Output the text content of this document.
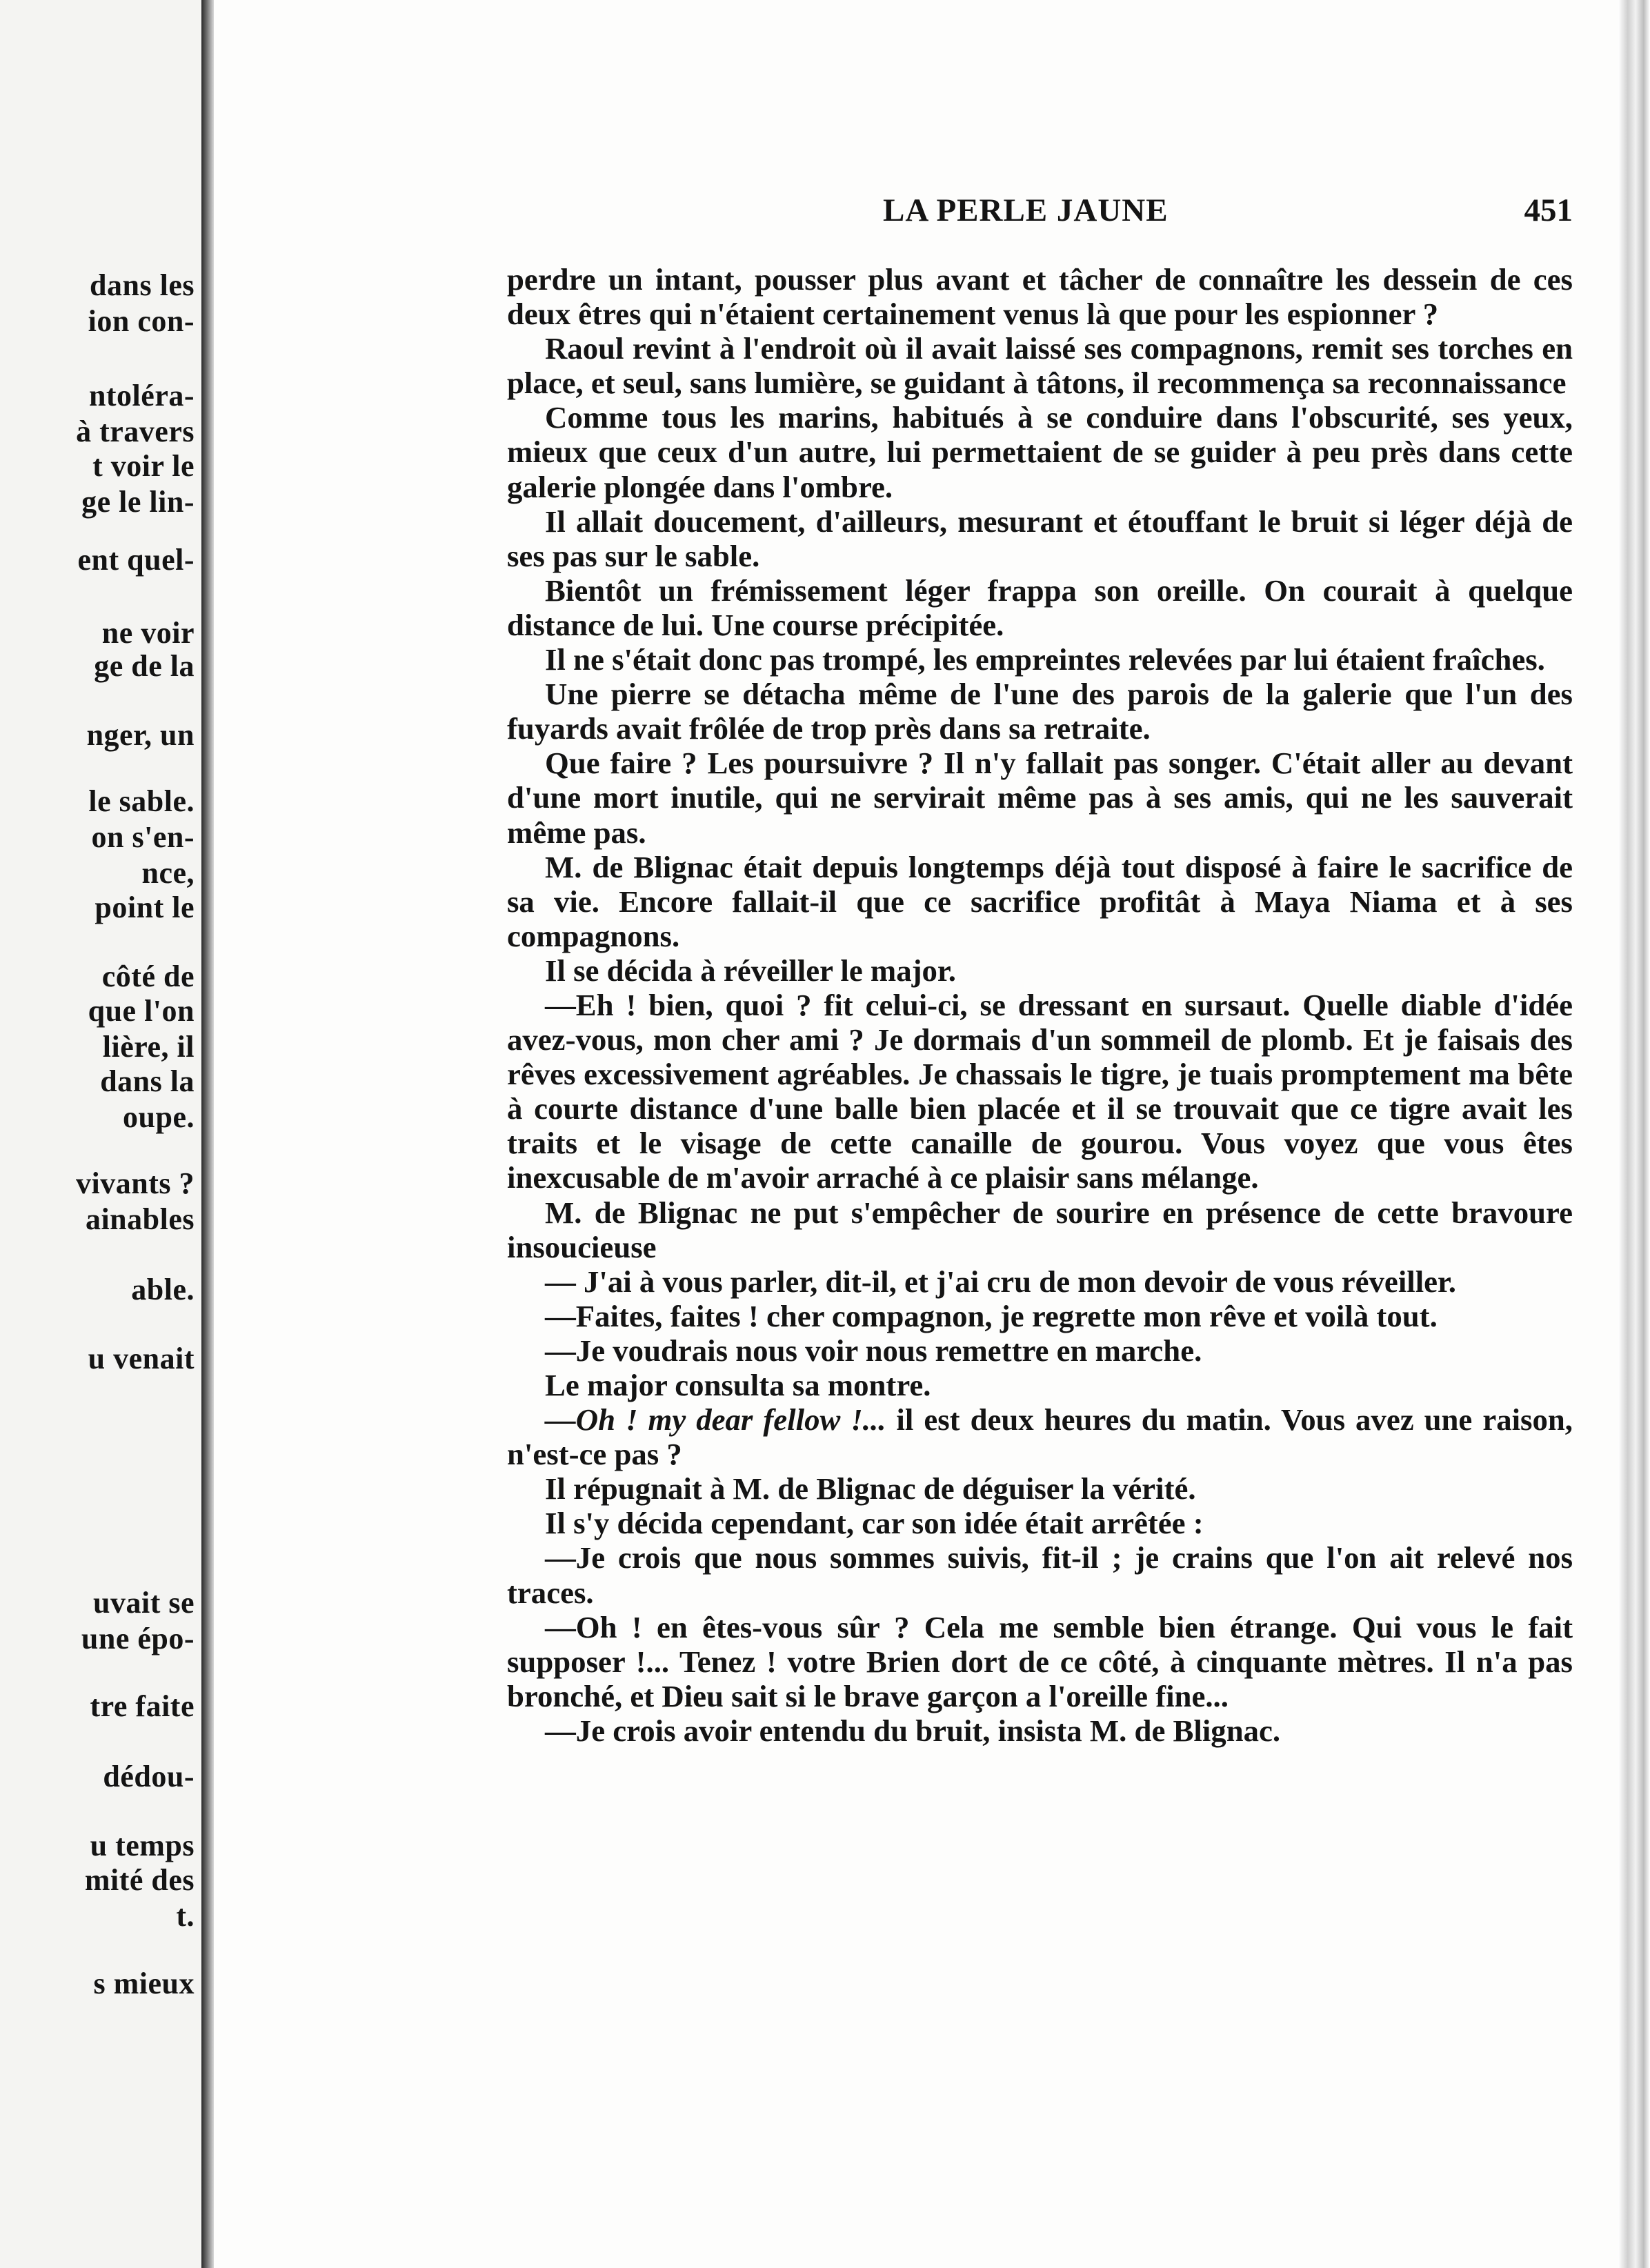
dans les
ion con-
ntoléra-
à travers
t voir le
ge le lin-
ent quel-
ne voir
ge de la
nger, un
le sable.
on s'en-
nce,
point le
côté de
que l'on
lière, il
dans la
oupe.
vivants ?
ainables
able.
u venait
uvait se
une épo-
tre faite
dédou-
u temps
mité des
t.
s mieux
LA PERLE JAUNE	451

perdre un intant, pousser plus avant et tâcher de connaître les dessein de ces deux êtres qui n'étaient certainement venus là que pour les espionner ?

Raoul revint à l'endroit où il avait laissé ses compagnons, remit ses torches en place, et seul, sans lumière, se guidant à tâtons, il recommença sa reconnaissance

Comme tous les marins, habitués à se conduire dans l'obscurité, ses yeux, mieux que ceux d'un autre, lui permettaient de se guider à peu près dans cette galerie plongée dans l'ombre.

Il allait doucement, d'ailleurs, mesurant et étouffant le bruit si léger déjà de ses pas sur le sable.

Bientôt un frémissement léger frappa son oreille. On courait à quelque distance de lui. Une course précipitée.

Il ne s'était donc pas trompé, les empreintes relevées par lui étaient fraîches.

Une pierre se détacha même de l'une des parois de la galerie que l'un des fuyards avait frôlée de trop près dans sa retraite.

Que faire ? Les poursuivre ? Il n'y fallait pas songer. C'était aller au devant d'une mort inutile, qui ne servirait même pas à ses amis, qui ne les sauverait même pas.

M. de Blignac était depuis longtemps déjà tout disposé à faire le sacrifice de sa vie. Encore fallait-il que ce sacrifice profitât à Maya Niama et à ses compagnons.

Il se décida à réveiller le major.

—Eh ! bien, quoi ? fit celui-ci, se dressant en sursaut. Quelle diable d'idée avez-vous, mon cher ami ? Je dormais d'un sommeil de plomb. Et je faisais des rêves excessivement agréables. Je chassais le tigre, je tuais promptement ma bête à courte distance d'une balle bien placée et il se trouvait que ce tigre avait les traits et le visage de cette canaille de gourou. Vous voyez que vous êtes inexcusable de m'avoir arraché à ce plaisir sans mélange.

M. de Blignac ne put s'empêcher de sourire en présence de cette bravoure insoucieuse

— J'ai à vous parler, dit-il, et j'ai cru de mon devoir de vous réveiller.

—Faites, faites ! cher compagnon, je regrette mon rêve et voilà tout.

—Je voudrais nous voir nous remettre en marche.

Le major consulta sa montre.

—Oh ! my dear fellow !... il est deux heures du matin. Vous avez une raison, n'est-ce pas ?

Il répugnait à M. de Blignac de déguiser la vérité.

Il s'y décida cependant, car son idée était arrêtée :

—Je crois que nous sommes suivis, fit-il ; je crains que l'on ait relevé nos traces.

—Oh ! en êtes-vous sûr ? Cela me semble bien étrange. Qui vous le fait supposer !... Tenez ! votre Brien dort de ce côté, à cinquante mètres. Il n'a pas bronché, et Dieu sait si le brave garçon a l'oreille fine...

—Je crois avoir entendu du bruit, insista M. de Blignac.
